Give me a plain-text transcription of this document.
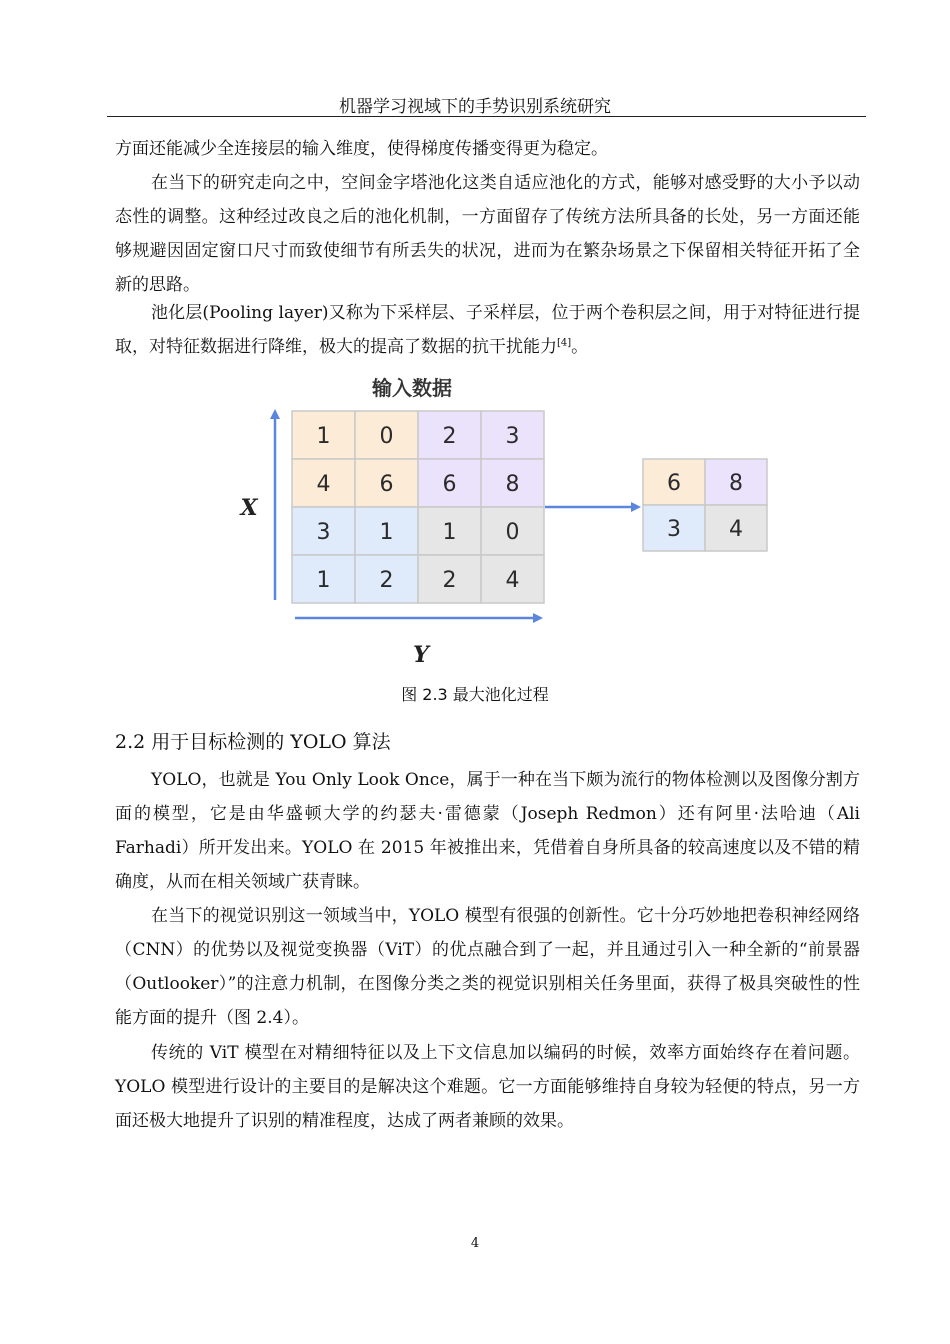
机器学习视域下的手势识别系统研究

方面还能减少全连接层的输入维度，使得梯度传播变得更为稳定。

在当下的研究走向之中，空间金字塔池化这类自适应池化的方式，能够对感受野的大小予以动态性的调整。这种经过改良之后的池化机制，一方面留存了传统方法所具备的长处，另一方面还能够规避因固定窗口尺寸而致使细节有所丢失的状况，进而为在繁杂场景之下保留相关特征开拓了全新的思路。

池化层(Pooling layer)又称为下采样层、子采样层，位于两个卷积层之间，用于对特征进行提取，对特征数据进行降维，极大的提高了数据的抗干扰能力[4]。

输入数据
1 0 2 3
4 6 6 8
3 1 1 0
1 2 2 4
6 8
3 4
X
Y

图 2.3 最大池化过程

2.2 用于目标检测的 YOLO 算法

YOLO，也就是 You Only Look Once，属于一种在当下颇为流行的物体检测以及图像分割方面的模型，它是由华盛顿大学的约瑟夫·雷德蒙（Joseph Redmon）还有阿里·法哈迪（Ali Farhadi）所开发出来。YOLO 在 2015 年被推出来，凭借着自身所具备的较高速度以及不错的精确度，从而在相关领域广获青睐。

在当下的视觉识别这一领域当中，YOLO 模型有很强的创新性。它十分巧妙地把卷积神经网络（CNN）的优势以及视觉变换器（ViT）的优点融合到了一起，并且通过引入一种全新的“前景器（Outlooker）”的注意力机制，在图像分类之类的视觉识别相关任务里面，获得了极具突破性的性能方面的提升（图 2.4）。

传统的 ViT 模型在对精细特征以及上下文信息加以编码的时候，效率方面始终存在着问题。YOLO 模型进行设计的主要目的是解决这个难题。它一方面能够维持自身较为轻便的特点，另一方面还极大地提升了识别的精准程度，达成了两者兼顾的效果。

4
